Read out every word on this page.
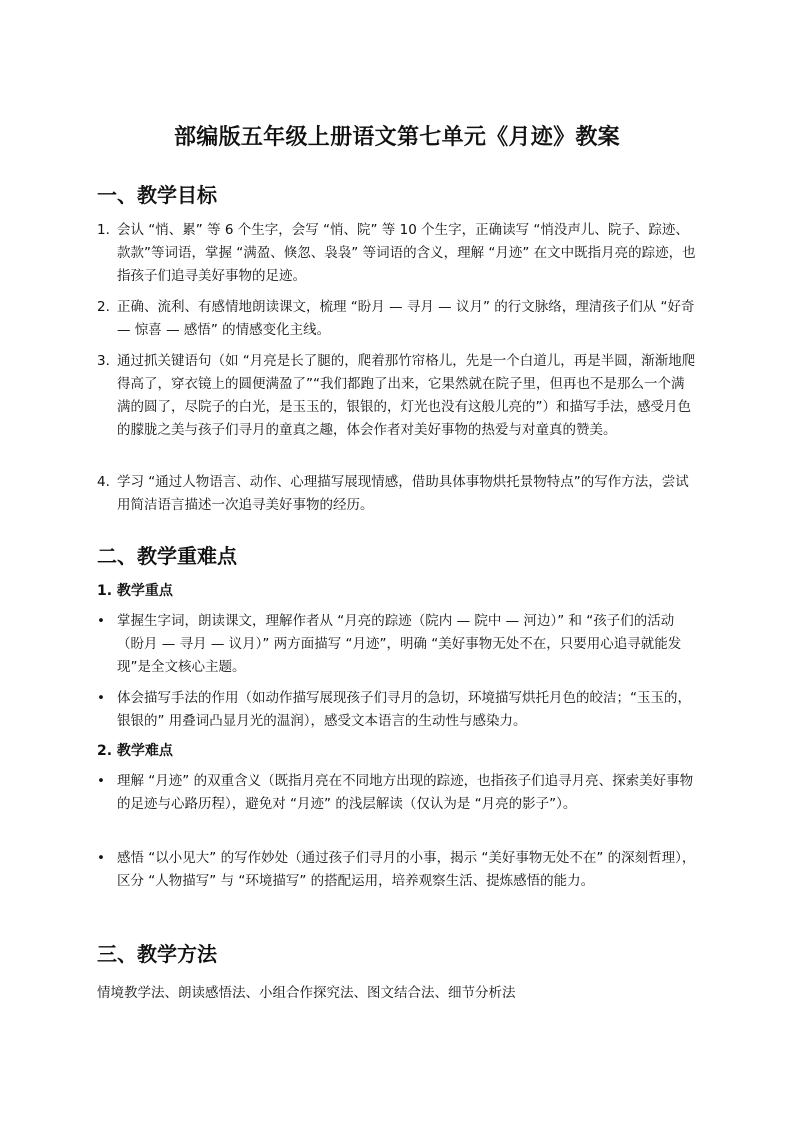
部编版五年级上册语文第七单元《月迹》教案
一、教学目标
1. 会认 “悄、累” 等 6 个生字，会写 “悄、院” 等 10 个生字，正确读写 “悄没声儿、院子、踪迹、款款”等词语，掌握 “满盈、倏忽、袅袅” 等词语的含义，理解 “月迹” 在文中既指月亮的踪迹，也指孩子们追寻美好事物的足迹。
2. 正确、流利、有感情地朗读课文，梳理 “盼月 — 寻月 — 议月” 的行文脉络，理清孩子们从 “好奇 — 惊喜 — 感悟” 的情感变化主线。
3. 通过抓关键语句（如 “月亮是长了腿的，爬着那竹帘格儿，先是一个白道儿，再是半圆，渐渐地爬得高了，穿衣镜上的圆便满盈了”“我们都跑了出来，它果然就在院子里，但再也不是那么一个满满的圆了，尽院子的白光，是玉玉的，银银的，灯光也没有这般儿亮的”）和描写手法，感受月色的朦胧之美与孩子们寻月的童真之趣，体会作者对美好事物的热爱与对童真的赞美。
4. 学习 “通过人物语言、动作、心理描写展现情感，借助具体事物烘托景物特点”的写作方法，尝试用简洁语言描述一次追寻美好事物的经历。
二、教学重难点
1. 教学重点
• 掌握生字词，朗读课文，理解作者从 “月亮的踪迹（院内 — 院中 — 河边）” 和 “孩子们的活动（盼月 — 寻月 — 议月）” 两方面描写 “月迹”，明确 “美好事物无处不在，只要用心追寻就能发现”是全文核心主题。
• 体会描写手法的作用（如动作描写展现孩子们寻月的急切，环境描写烘托月色的皎洁；“玉玉的，银银的” 用叠词凸显月光的温润），感受文本语言的生动性与感染力。
2. 教学难点
• 理解 “月迹” 的双重含义（既指月亮在不同地方出现的踪迹，也指孩子们追寻月亮、探索美好事物的足迹与心路历程），避免对 “月迹” 的浅层解读（仅认为是 “月亮的影子”）。
• 感悟 “以小见大” 的写作妙处（通过孩子们寻月的小事，揭示 “美好事物无处不在” 的深刻哲理），区分 “人物描写” 与 “环境描写” 的搭配运用，培养观察生活、提炼感悟的能力。
三、教学方法
情境教学法、朗读感悟法、小组合作探究法、图文结合法、细节分析法
